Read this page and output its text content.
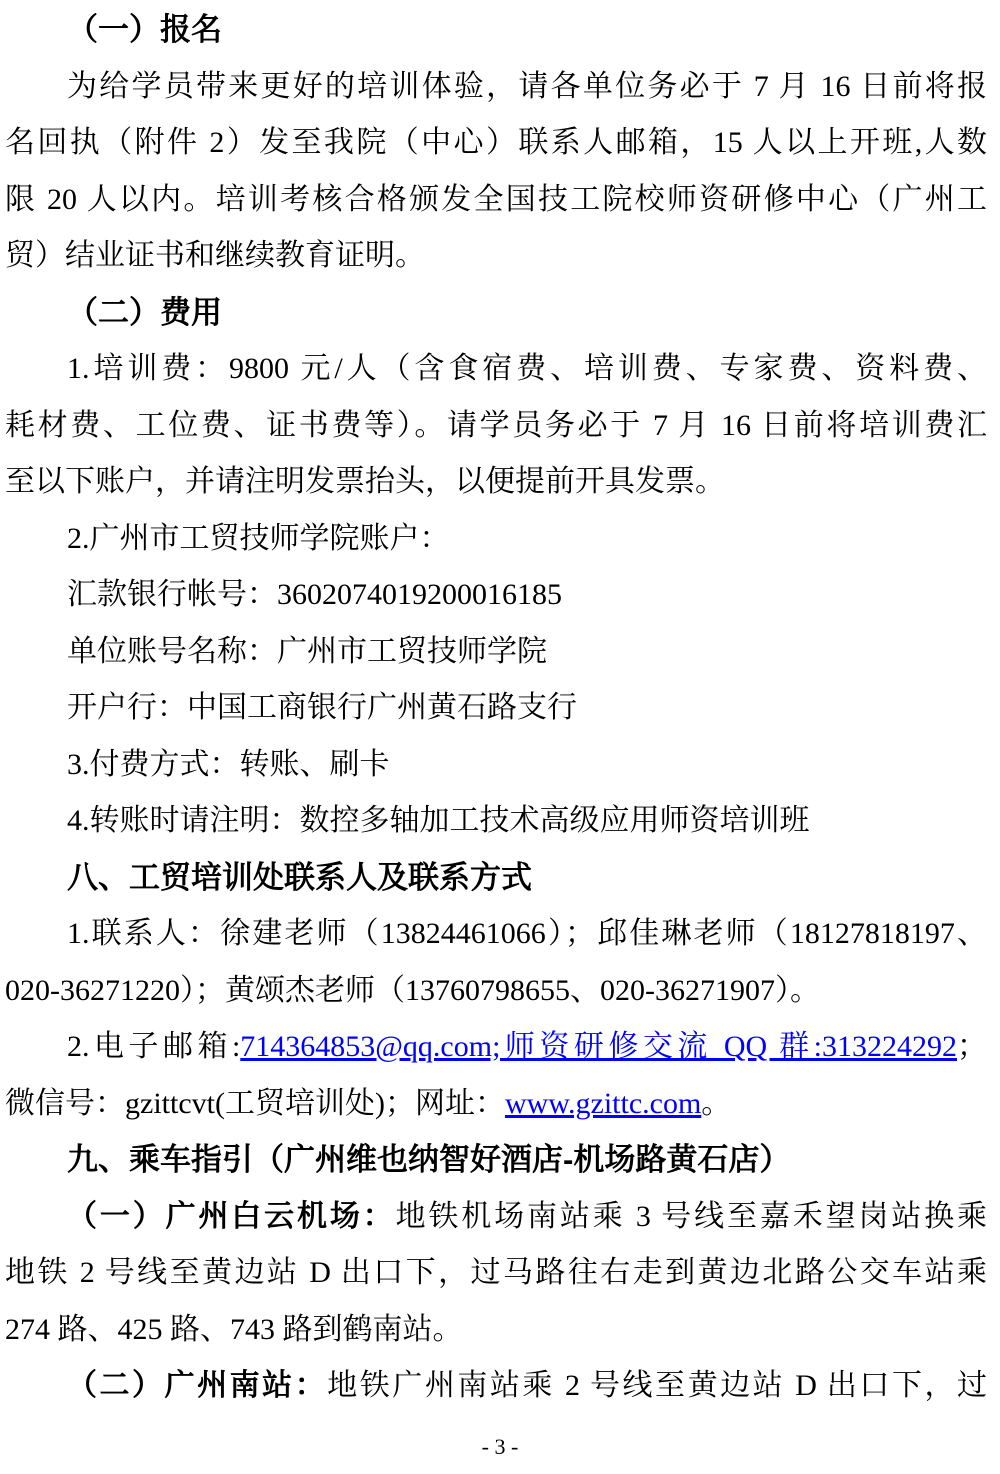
（一）报名
为给学员带来更好的培训体验，请各单位务必于 7 月 16 日前将报
名回执（附件 2）发至我院（中心）联系人邮箱，15 人以上开班,人数
限 20 人以内。培训考核合格颁发全国技工院校师资研修中心（广州工
贸）结业证书和继续教育证明。
（二）费用
1.培训费：9800 元/人（含食宿费、培训费、专家费、资料费、
耗材费、工位费、证书费等）。请学员务必于 7 月 16 日前将培训费汇
至以下账户，并请注明发票抬头，以便提前开具发票。
2.广州市工贸技师学院账户：
汇款银行帐号：3602074019200016185
单位账号名称：广州市工贸技师学院
开户行：中国工商银行广州黄石路支行
3.付费方式：转账、刷卡
4.转账时请注明：数控多轴加工技术高级应用师资培训班
八、工贸培训处联系人及联系方式
1.联系人：徐建老师（13824461066）；邱佳琳老师（18127818197、
020-36271220）；黄颂杰老师（13760798655、020-36271907）。
2.电子邮箱:714364853@qq.com;师资研修交流 QQ 群:313224292；
微信号：gzittcvt(工贸培训处)；网址：www.gzittc.com。
九、乘车指引（广州维也纳智好酒店-机场路黄石店）
（一）广州白云机场：地铁机场南站乘 3 号线至嘉禾望岗站换乘
地铁 2 号线至黄边站 D 出口下，过马路往右走到黄边北路公交车站乘
274 路、425 路、743 路到鹤南站。
（二）广州南站：地铁广州南站乘 2 号线至黄边站 D 出口下，过
- 3 -
